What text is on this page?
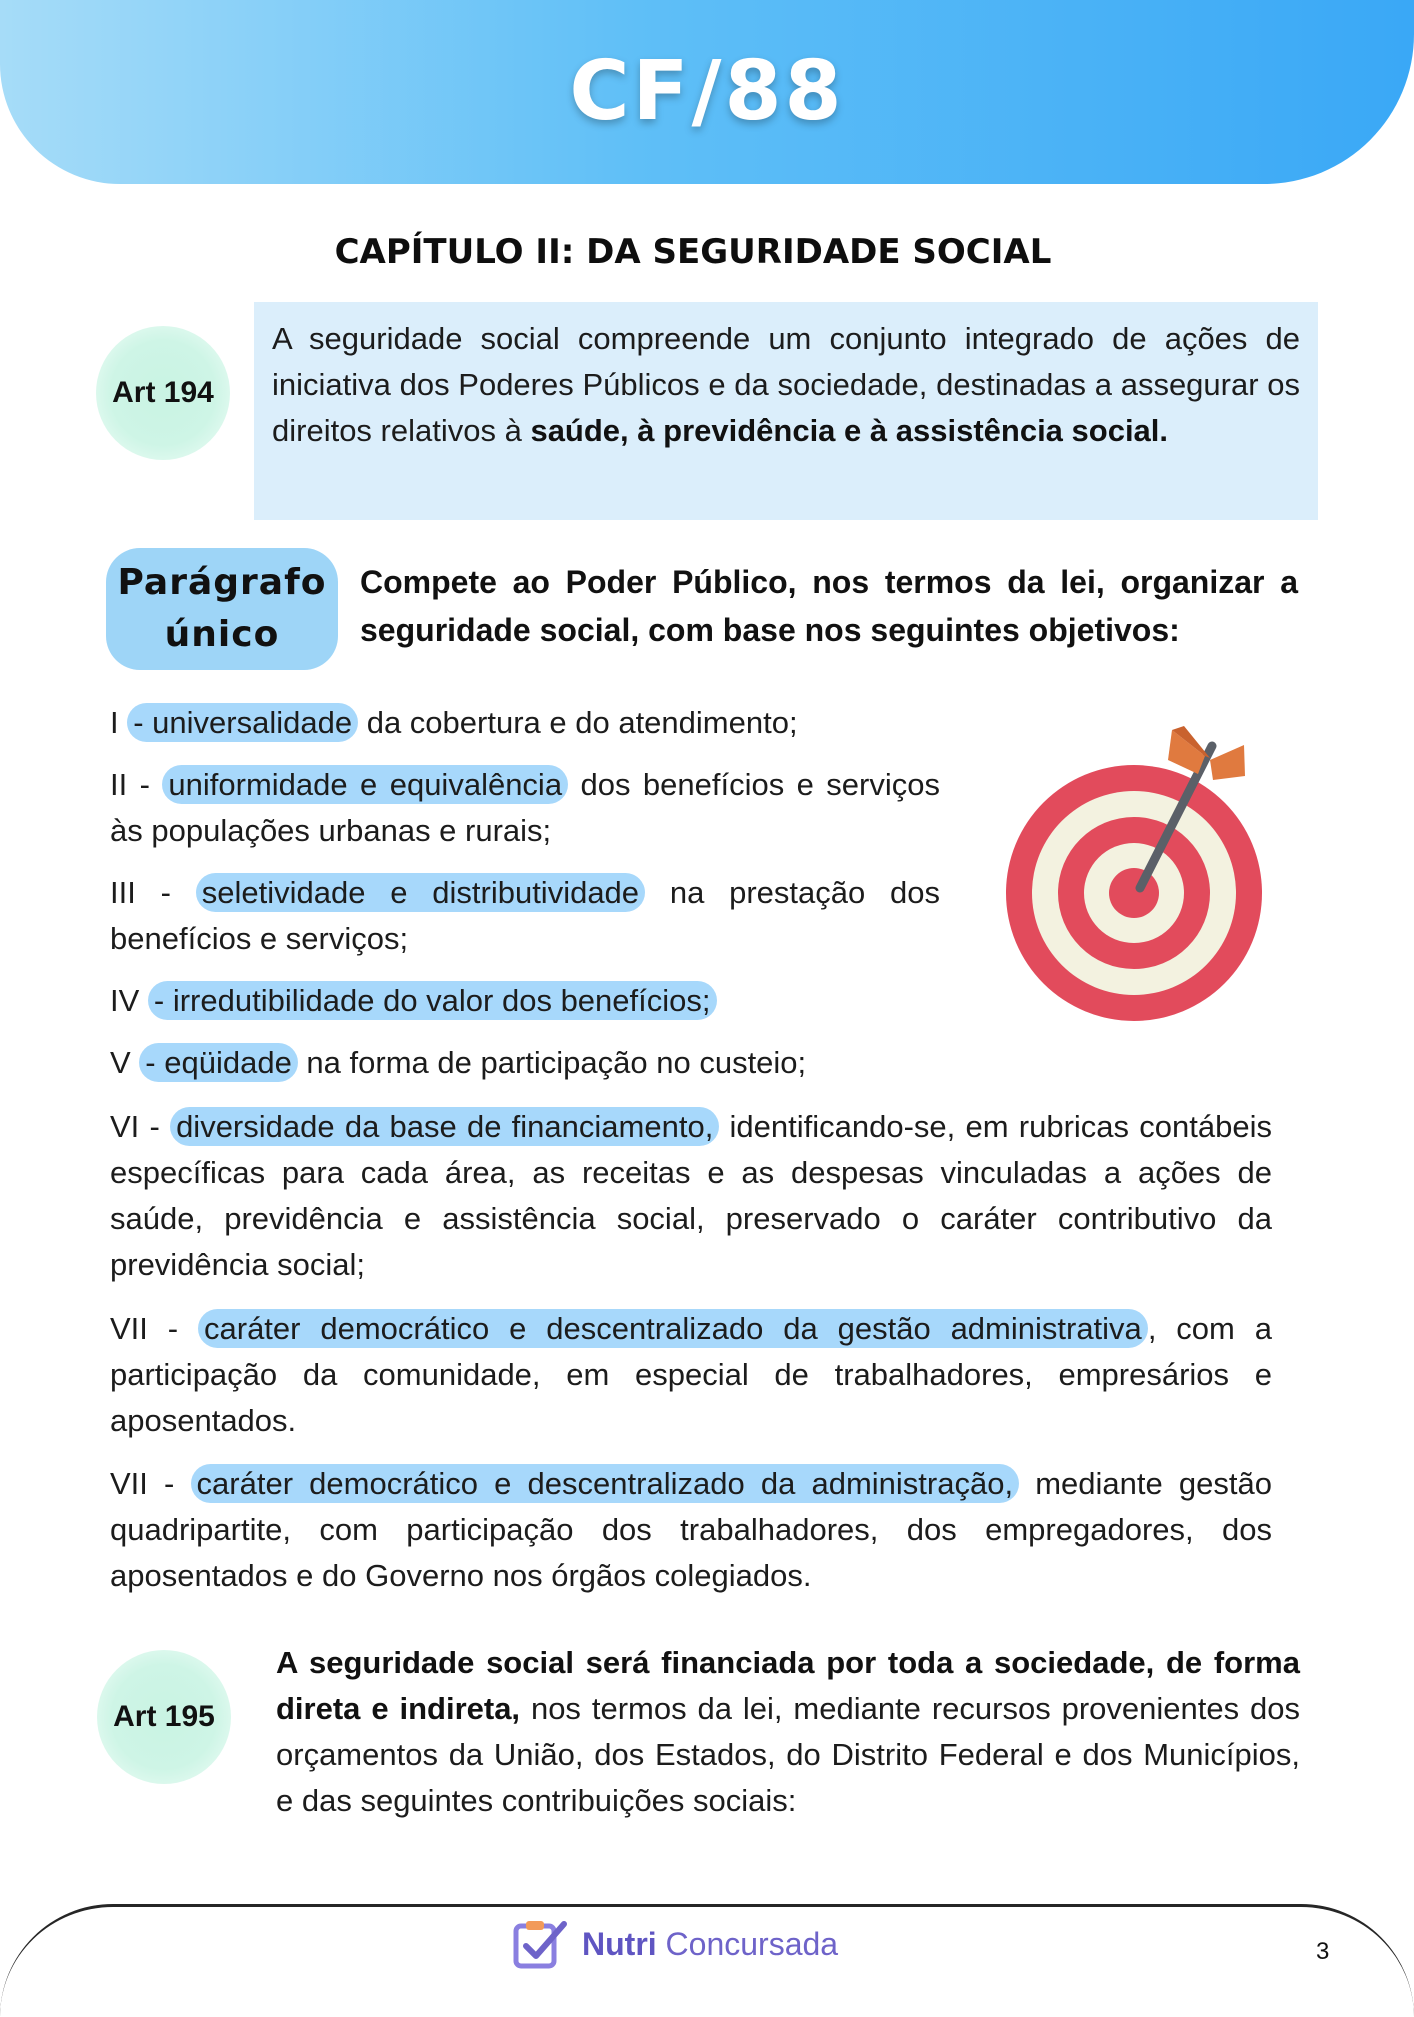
CF/88
CAPÍTULO II: DA SEGURIDADE SOCIAL
Art 194
A seguridade social compreende um conjunto integrado de ações de iniciativa dos Poderes Públicos e da sociedade, destinadas a assegurar os direitos relativos à saúde, à previdência e à assistência social.
Parágrafo
único
Compete ao Poder Público, nos termos da lei, organizar a seguridade social, com base nos seguintes objetivos:
I - universalidade da cobertura e do atendimento;
II - uniformidade e equivalência dos benefícios e serviços às populações urbanas e rurais;
III - seletividade e distributividade na prestação dos benefícios e serviços;
IV - irredutibilidade do valor dos benefícios;
V - eqüidade na forma de participação no custeio;
VI - diversidade da base de financiamento, identificando-se, em rubricas contábeis específicas para cada área, as receitas e as despesas vinculadas a ações de saúde, previdência e assistência social, preservado o caráter contributivo da previdência social;
VII - caráter democrático e descentralizado da gestão administrativa , com a participação da comunidade, em especial de trabalhadores, empresários e aposentados.
VII - caráter democrático e descentralizado da administração, mediante gestão quadripartite, com participação dos trabalhadores, dos empregadores, dos aposentados e do Governo nos órgãos colegiados.
Art 195
A seguridade social será financiada por toda a sociedade, de forma direta e indireta, nos termos da lei, mediante recursos provenientes dos orçamentos da União, dos Estados, do Distrito Federal e dos Municípios, e das seguintes contribuições sociais:
Nutri Concursada	3
